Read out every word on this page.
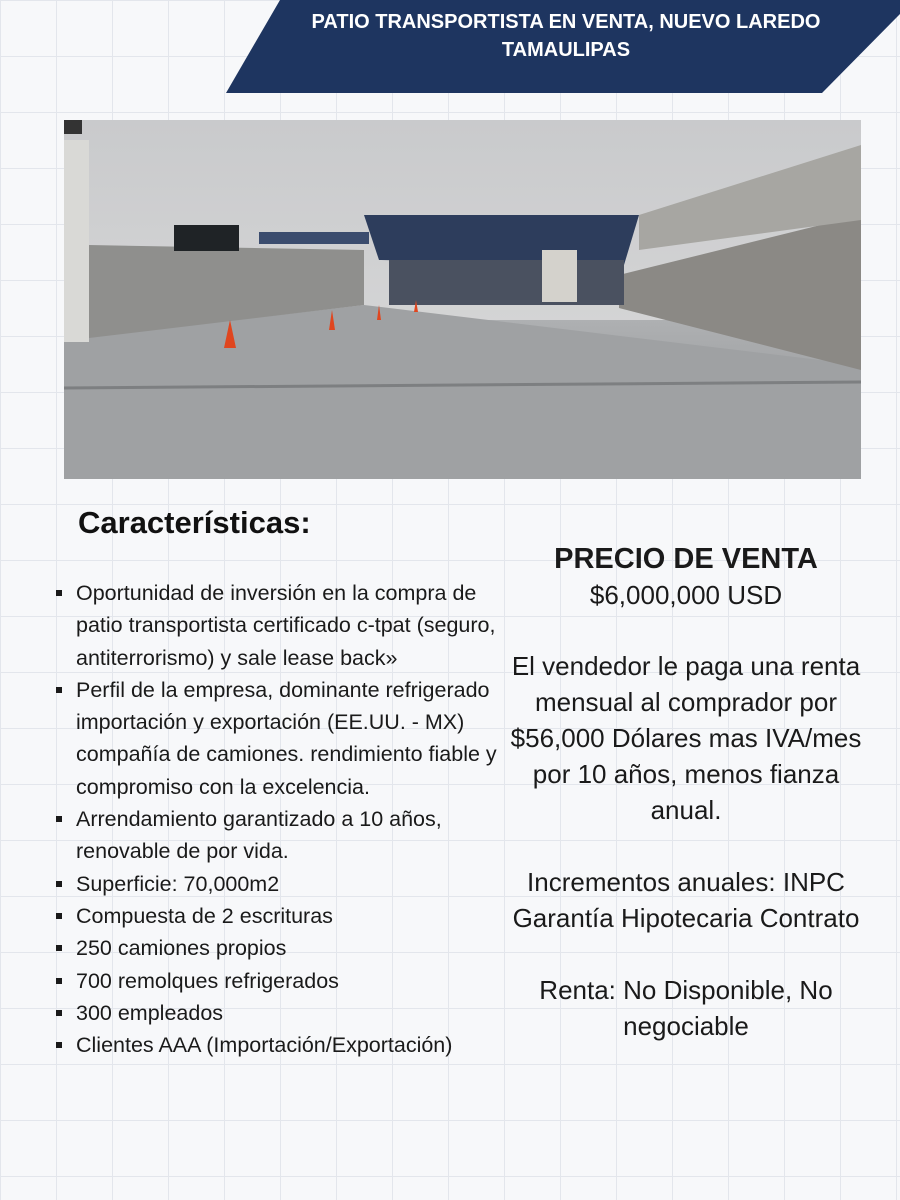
PATIO TRANSPORTISTA EN VENTA, NUEVO LAREDO TAMAULIPAS
Características:
Oportunidad de inversión en la compra de patio transportista certificado c-tpat (seguro, antiterrorismo) y sale lease back»
Perfil de la empresa, dominante refrigerado importación y exportación (EE.UU. - MX) compañía de camiones. rendimiento fiable y compromiso con la excelencia.
Arrendamiento garantizado a 10 años, renovable de por vida.
Superficie: 70,000m2
Compuesta de 2 escrituras
250 camiones propios
700 remolques refrigerados
300 empleados
Clientes AAA (Importación/Exportación)
PRECIO DE VENTA
$6,000,000 USD
El vendedor le paga una renta mensual al comprador por $56,000 Dólares mas IVA/mes por 10 años, menos fianza anual.
Incrementos anuales: INPC Garantía Hipotecaria Contrato
Renta: No Disponible, No negociable
